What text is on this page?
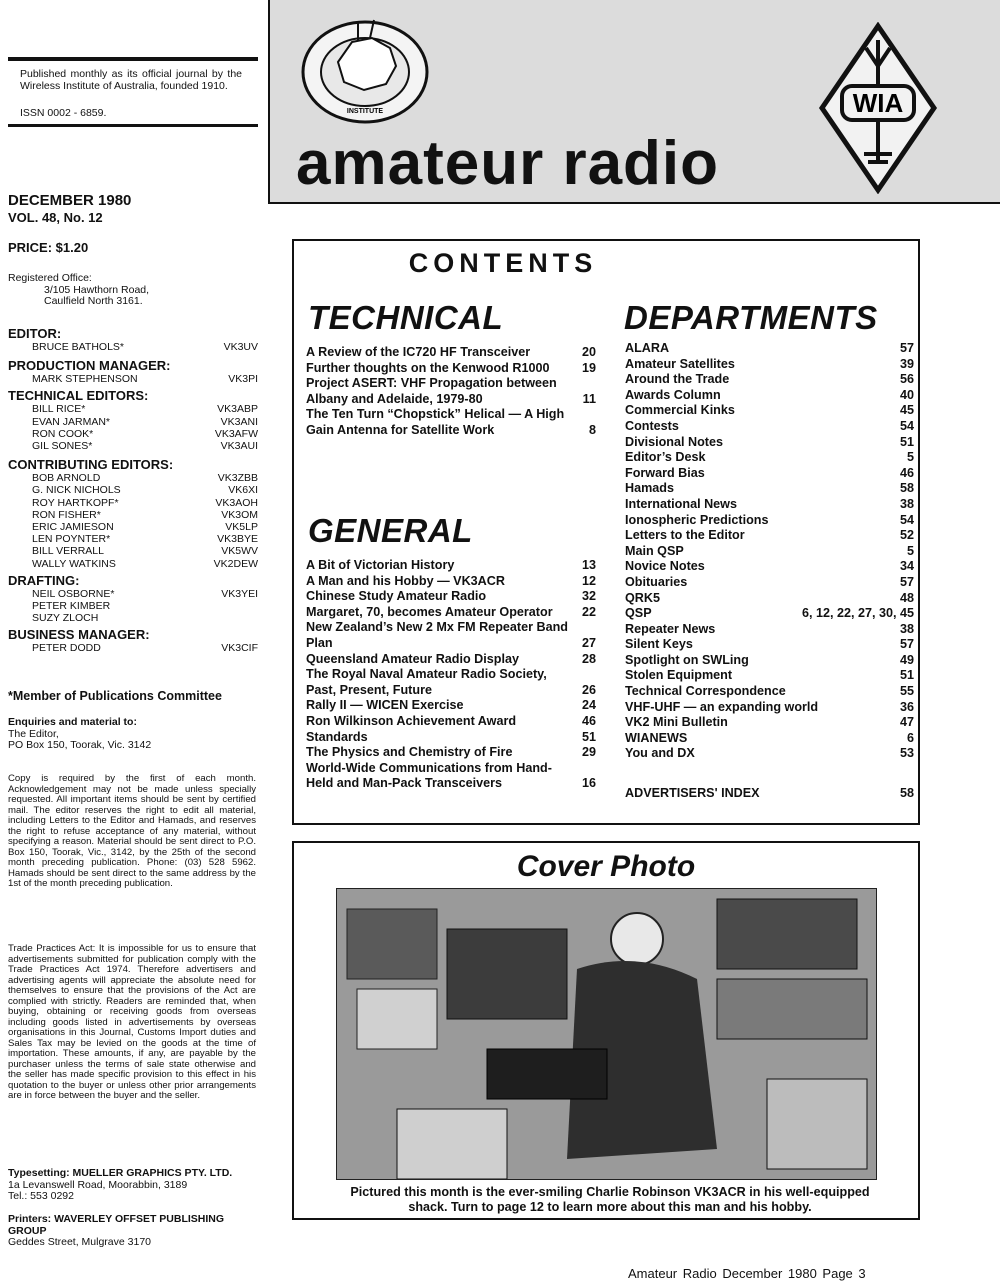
Published monthly as its official journal by the Wireless Institute of Australia, founded 1910.
ISSN 0002 - 6859.
DECEMBER 1980
VOL. 48, No. 12
PRICE: $1.20
Registered Office:
3/105 Hawthorn Road,
Caulfield North 3161.
EDITOR:
BRUCE BATHOLS*	VK3UV
PRODUCTION MANAGER:
MARK STEPHENSON	VK3PI
TECHNICAL EDITORS:
BILL RICE*	VK3ABP
EVAN JARMAN*	VK3ANI
RON COOK*	VK3AFW
GIL SONES*	VK3AUI
CONTRIBUTING EDITORS:
BOB ARNOLD	VK3ZBB
G. NICK NICHOLS	VK6XI
ROY HARTKOPF*	VK3AOH
RON FISHER*	VK3OM
ERIC JAMIESON	VK5LP
LEN POYNTER*	VK3BYE
BILL VERRALL	VK5WV
WALLY WATKINS	VK2DEW
DRAFTING:
NEIL OSBORNE*	VK3YEI
PETER KIMBER
SUZY ZLOCH
BUSINESS MANAGER:
PETER DODD	VK3CIF
*Member of Publications Committee
Enquiries and material to:
The Editor,
PO Box 150, Toorak, Vic. 3142
Copy is required by the first of each month. Acknowledgement may not be made unless specially requested. All important items should be sent by certified mail. The editor reserves the right to edit all material, including Letters to the Editor and Hamads, and reserves the right to refuse acceptance of any material, without specifying a reason. Material should be sent direct to P.O. Box 150, Toorak, Vic., 3142, by the 25th of the second month preceding publication. Phone: (03) 528 5962. Hamads should be sent direct to the same address by the 1st of the month preceding publication.
Trade Practices Act: It is impossible for us to ensure that advertisements submitted for publication comply with the Trade Practices Act 1974. Therefore advertisers and advertising agents will appreciate the absolute need for themselves to ensure that the provisions of the Act are complied with strictly. Readers are reminded that, when buying, obtaining or receiving goods from overseas including goods listed in advertisements by overseas organisations in this Journal, Customs Import duties and Sales Tax may be levied on the goods at the time of importation. These amounts, if any, are payable by the purchaser unless the terms of sale state otherwise and the seller has made specific provision to this effect in his quotation to the buyer or unless other prior arrangements are in force between the buyer and the seller.
Typesetting: MUELLER GRAPHICS PTY. LTD.
1a Levanswell Road, Moorabbin, 3189
Tel.: 553 0292
Printers: WAVERLEY OFFSET PUBLISHING GROUP
Geddes Street, Mulgrave 3170
INSTITUTE	WIA
amateur radio
CONTENTS
TECHNICAL
A Review of the IC720 HF Transceiver	20
Further thoughts on the Kenwood R1000	19
Project ASERT: VHF Propagation between Albany and Adelaide, 1979-80	11
The Ten Turn “Chopstick” Helical — A High Gain Antenna for Satellite Work	8
GENERAL
A Bit of Victorian History	13
A Man and his Hobby — VK3ACR	12
Chinese Study Amateur Radio	32
Margaret, 70, becomes Amateur Operator	22
New Zealand’s New 2 Mx FM Repeater Band Plan	27
Queensland Amateur Radio Display	28
The Royal Naval Amateur Radio Society, Past, Present, Future	26
Rally II — WICEN Exercise	24
Ron Wilkinson Achievement Award	46
Standards	51
The Physics and Chemistry of Fire	29
World-Wide Communications from Hand-Held and Man-Pack Transceivers	16
DEPARTMENTS
ALARA	57
Amateur Satellites	39
Around the Trade	56
Awards Column	40
Commercial Kinks	45
Contests	54
Divisional Notes	51
Editor’s Desk	5
Forward Bias	46
Hamads	58
International News	38
Ionospheric Predictions	54
Letters to the Editor	52
Main QSP	5
Novice Notes	34
Obituaries	57
QRK5	48
QSP	6, 12, 22, 27, 30, 45
Repeater News	38
Silent Keys	57
Spotlight on SWLing	49
Stolen Equipment	51
Technical Correspondence	55
VHF-UHF — an expanding world	36
VK2 Mini Bulletin	47
WIANEWS	6
You and DX	53
ADVERTISERS' INDEX	58
Cover Photo
Pictured this month is the ever-smiling Charlie Robinson VK3ACR in his well-equipped shack. Turn to page 12 to learn more about this man and his hobby.
Amateur Radio December 1980 Page 3
